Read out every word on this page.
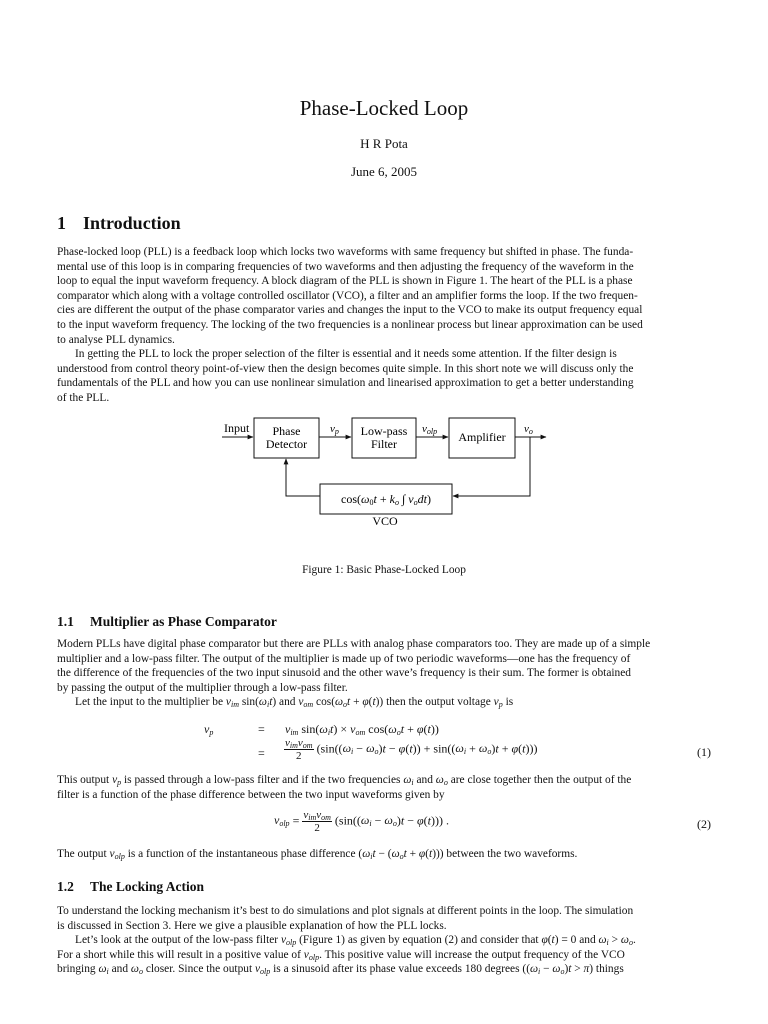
Phase-Locked Loop
H R Pota
June 6, 2005
1 Introduction
Phase-locked loop (PLL) is a feedback loop which locks two waveforms with same frequency but shifted in phase. The funda-
mental use of this loop is in comparing frequencies of two waveforms and then adjusting the frequency of the waveform in the
loop to equal the input waveform frequency. A block diagram of the PLL is shown in Figure 1. The heart of the PLL is a phase
comparator which along with a voltage controlled oscillator (VCO), a filter and an amplifier forms the loop. If the two frequen-
cies are different the output of the phase comparator varies and changes the input to the VCO to make its output frequency equal
to the input waveform frequency. The locking of the two frequencies is a nonlinear process but linear approximation can be used
to analyse PLL dynamics.
In getting the PLL to lock the proper selection of the filter is essential and it needs some attention. If the filter design is
understood from control theory point-of-view then the design becomes quite simple. In this short note we will discuss only the
fundamentals of the PLL and how you can use nonlinear simulation and linearised approximation to get a better understanding
of the PLL.
Input Phase
Detector
vp Low-pass
Filter
volp Amplifier
vo
cos(ω0t + ko ∫ vodt)
VCO
Figure 1: Basic Phase-Locked Loop
1.1 Multiplier as Phase Comparator
Modern PLLs have digital phase comparator but there are PLLs with analog phase comparators too. They are made up of a simple
multiplier and a low-pass filter. The output of the multiplier is made up of two periodic waveforms—one has the frequency of
the difference of the frequencies of the two input sinusoid and the other wave’s frequency is their sum. The former is obtained
by passing the output of the multiplier through a low-pass filter.
Let the input to the multiplier be $v_{im}$ $\sin(\omega_it)$ and $v_{om}$ $\cos(\omega_ot + \varphi(t))$ then the output voltage $v_p$ is
$v_p$	= $v_{im}$ $\sin(\omega_it) \times v_{om}$ $\cos(\omega_ot + \varphi(t))$
= $\frac{v_{im}v_{om}}{2} (\sin((\omega_i - \omega_o)t - \varphi(t)) + \sin((\omega_i + \omega_o)t + \varphi(t)))$	(1)
This output $v_p$ is passed through a low-pass filter and if the two frequencies $\omega_i$ and $\omega_o$ are close together then the output of the
filter is a function of the phase difference between the two input waveforms given by
$v_{olp} = \frac{v_{im}v_{om}}{2} (\sin((\omega_i - \omega_o)t - \varphi(t)))$ .	(2)
The output $v_{olp}$ is a function of the instantaneous phase difference $(\omega_it - (\omega_ot + \varphi(t)))$ between the two waveforms.
1.2 The Locking Action
To understand the locking mechanism it’s best to do simulations and plot signals at different points in the loop. The simulation
is discussed in Section 3. Here we give a plausible explanation of how the PLL locks.
Let’s look at the output of the low-pass filter $v_{olp}$ (Figure 1) as given by equation (2) and consider that φ(t) = 0 and $\omega_i > \omega_o$.
For a short while this will result in a positive value of $v_{olp}$. This positive value will increase the output frequency of the VCO
bringing $\omega_i$ and $\omega_o$ closer. Since the output $v_{olp}$ is a sinusoid after its phase value exceeds 180 degrees $((\omega_i - \omega_o)t > \pi)$ things
